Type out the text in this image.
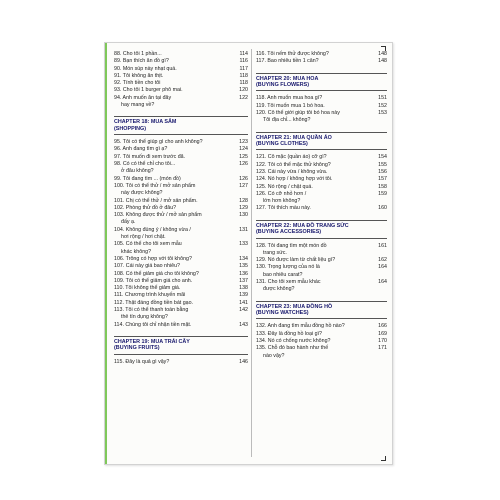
88. Cho tôi 1 phần...	114
89. Bạn thích ăn đồ gì?	116
90. Món súp này nhạt quá.	117
91. Tôi không ăn thịt.	118
92. Tính tiền cho tôi	118
93. Cho tôi 1 burger phô mai.	120
94. Anh muốn ăn tại đây
hay mang về?
122
CHAPTER 18: MUA SẮM
(SHOPPING)
95. Tôi có thể giúp gì cho anh không?	123
96. Anh đang tìm gì ạ?	124
97. Tôi muốn đi xem trước đã.	125
98. Có có thể chỉ cho tôi...
ở đâu không?
126
99. Tôi đang tìm ... (món đồ)	126
100. Tôi có thể thử / mở sản phẩm
này được không?
127
101. Chị có thể thử / mở sản phẩm.	128
102. Phòng thử đồ ở đâu?	129
103. Không được thử / mở sản phẩm
đấy ạ.
130
104. Không đúng ý / không vừa /
hơi rộng / hơi chật.
131
105. Có thể cho tôi xem mẫu
khác không?
133
106. Trông có hợp với tôi không?	134
107. Cái này giá bao nhiêu?	135
108. Có thể giảm giá cho tôi không?	136
109. Tôi có thể giảm giá cho anh.	137
110. Tôi không thể giảm giá.	138
111. Chương trình khuyến mãi	139
112. Thật đáng đồng tiền bát gạo.	141
113. Tôi có thể thanh toán bằng
thẻ tín dụng không?
142
114. Chúng tôi chỉ nhận tiền mặt.	143
CHAPTER 19: MUA TRÁI CÂY
(BUYING FRUITS)
115. Đây là quả gì vậy?	146
116. Tôi nếm thử được không?	148
117. Bao nhiêu tiền 1 cân?	148
CHAPTER 20: MUA HOA
(BUYING FLOWERS)
118. Anh muốn mua hoa gì?	151
119. Tôi muốn mua 1 bó hoa.	152
120. Cô thể giới giúp tôi bó hoa này
Tôi địa chỉ... không?
153
CHAPTER 21: MUA QUẦN ÁO
(BUYING CLOTHES)
121. Cô mặc (quần áo) cỡ gì?	154
122. Tôi có thể mặc thử không?	155
123. Cái này vừa / không vừa.	156
124. Nó hợp / không hợp với tôi.	157
125. Nó rộng / chật quá.	158
126. Có cỡ nhỏ hơn /
lớn hơn không?
159
127. Tôi thích màu này.	160
CHAPTER 22: MUA ĐỒ TRANG SỨC
(BUYING ACCESSORIES)
128. Tôi đang tìm một món đồ
trang sức.
161
129. Nó được làm từ chất liệu gì?	162
130. Trọng lượng của nó là
bao nhiêu carat?
164
131. Cho tôi xem mẫu khác
được không?
164
CHAPTER 23: MUA ĐỒNG HỒ
(BUYING WATCHES)
132. Anh đang tìm mẫu đồng hồ nào?	166
133. Đây là đồng hồ loại gì?	169
134. Nó có chống nước không?	170
135. Chỗ đó bao hành như thế
nào vậy?
171
